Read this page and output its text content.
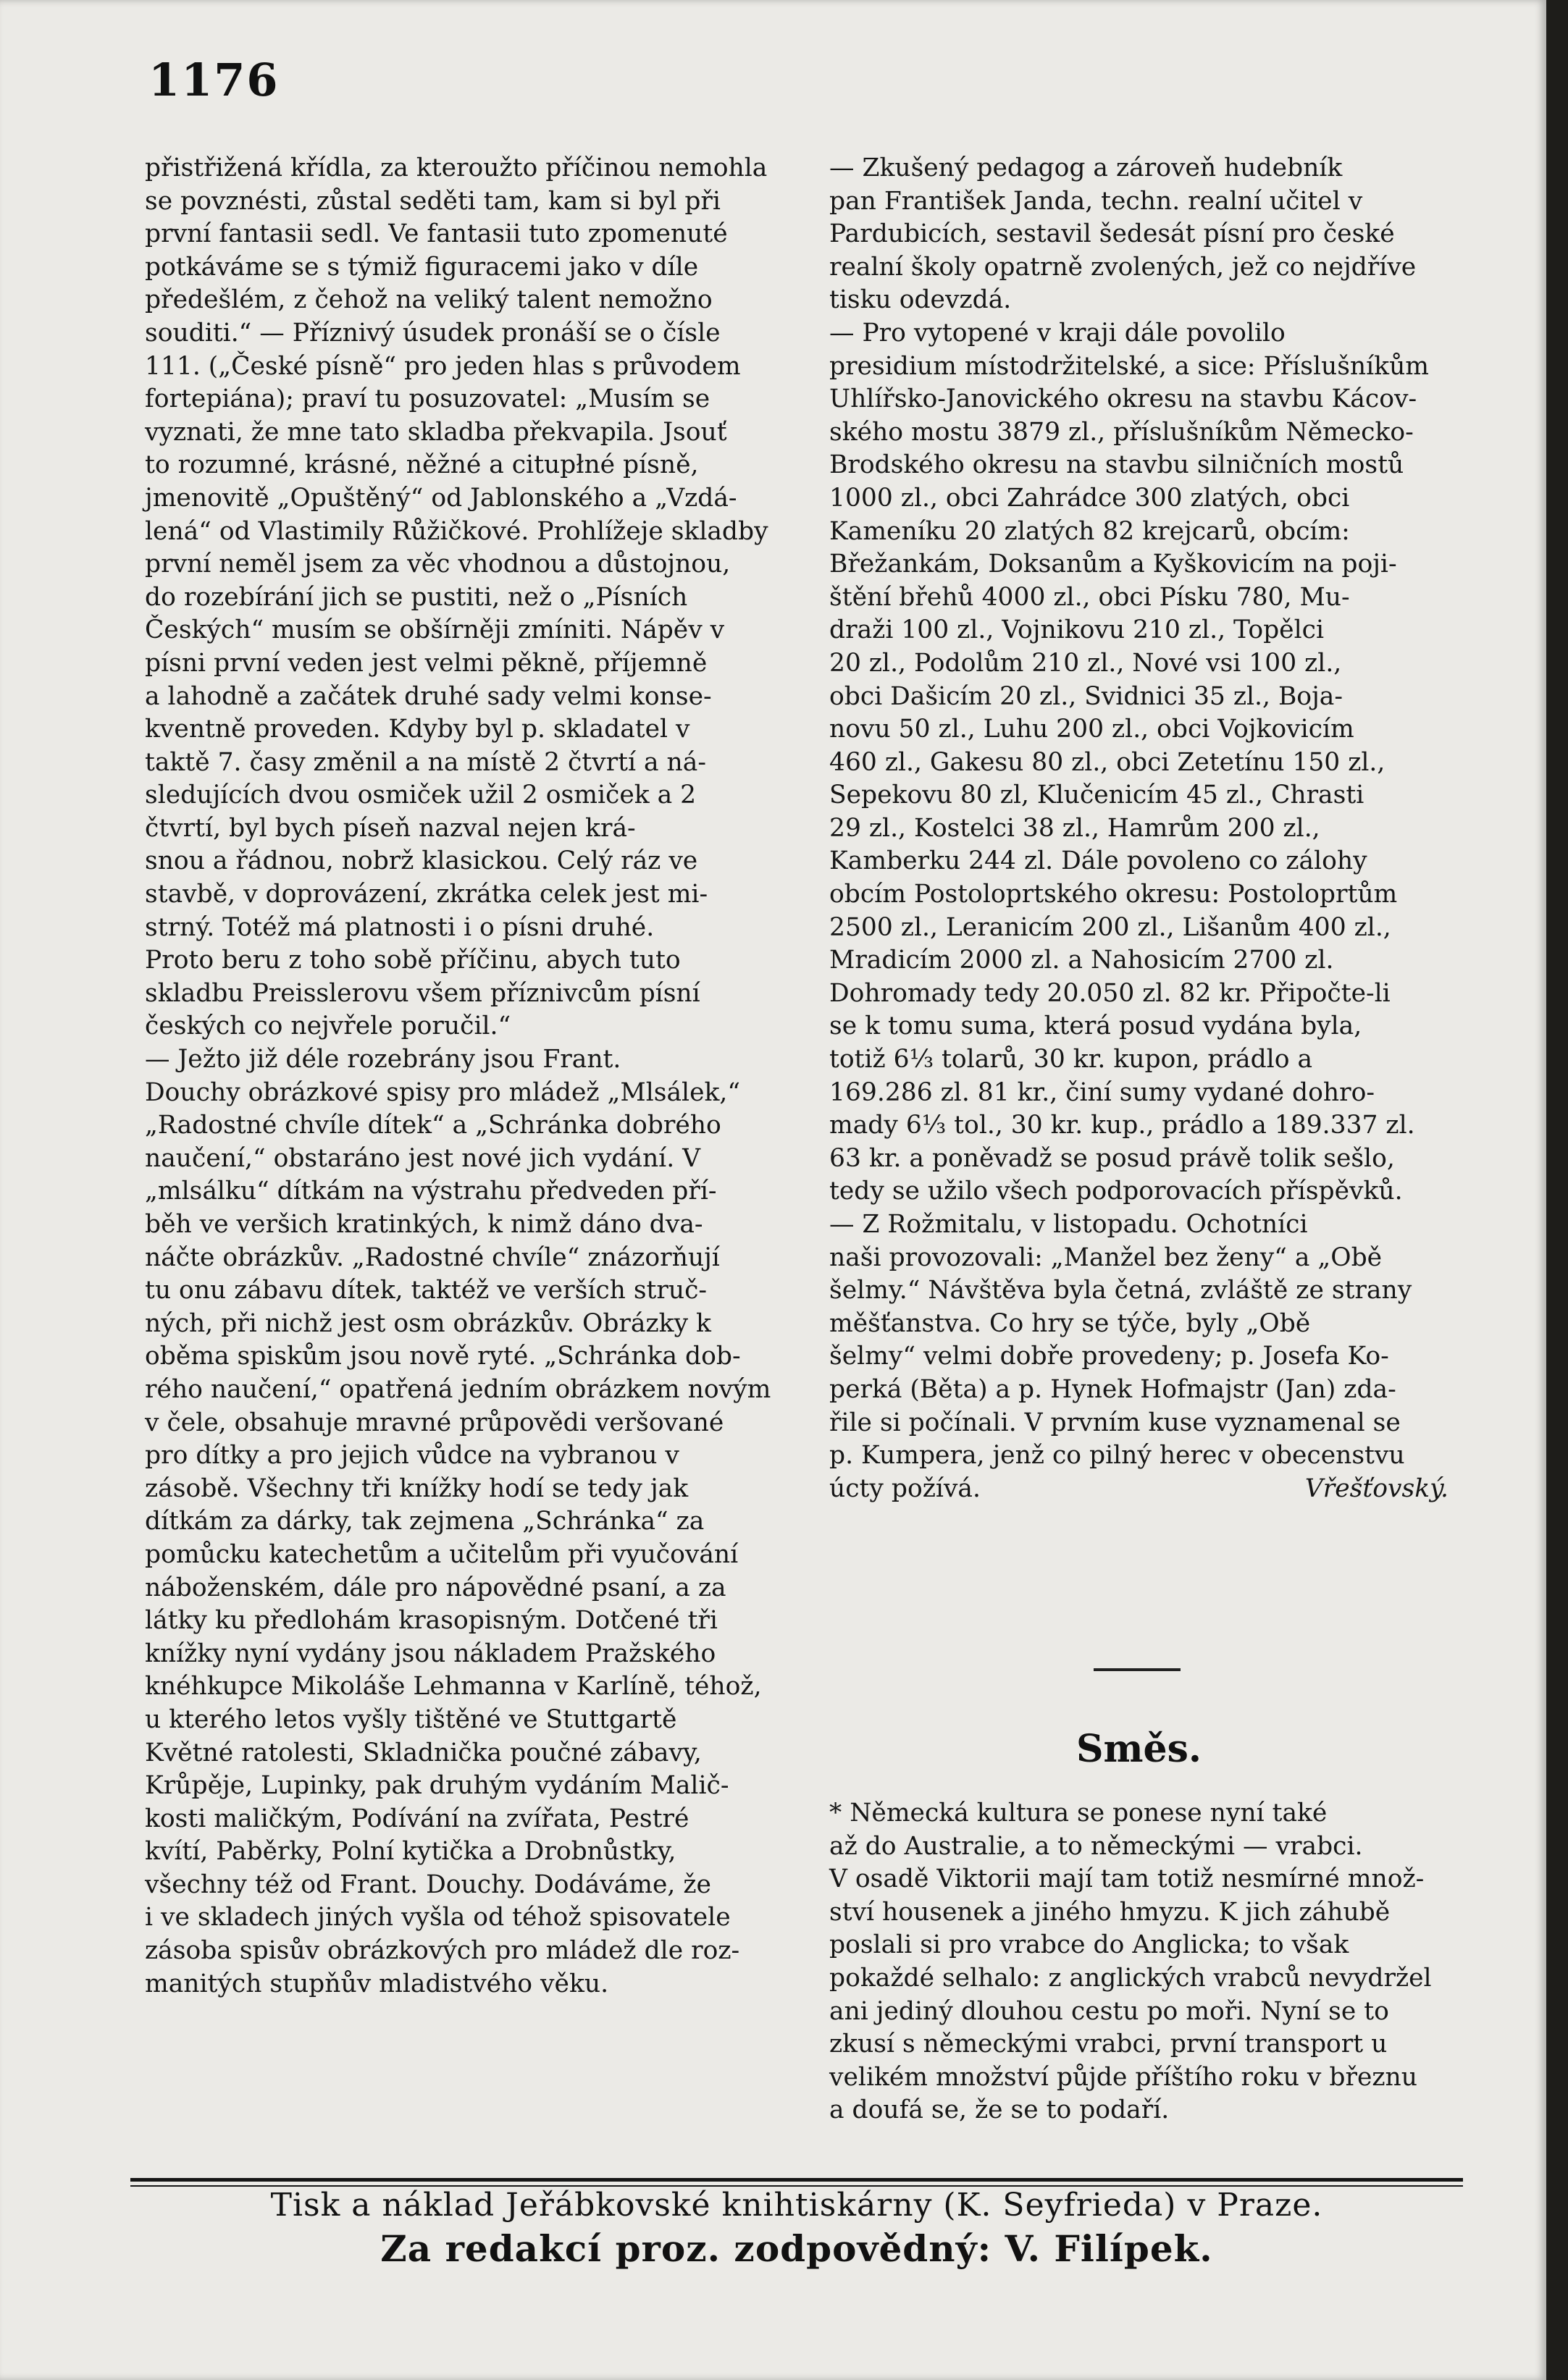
1176
přistřižená křídla, za kteroužto příčinou nemohla
se povznésti, zůstal seděti tam, kam si byl při
první fantasii sedl. Ve fantasii tuto zpomenuté
potkáváme se s týmiž figuracemi jako v díle
předešlém, z čehož na veliký talent nemožno
souditi.“ — Příznivý úsudek pronáší se o čísle
111. („České písně“ pro jeden hlas s průvodem
fortepiána); praví tu posuzovatel: „Musím se
vyznati, že mne tato skladba překvapila. Jsouť
to rozumné, krásné, něžné a citupłné písně,
jmenovitě „Opuštěný“ od Jablonského a „Vzdá-
lená“ od Vlastimily Růžičkové. Prohlížeje skladby
první neměl jsem za věc vhodnou a důstojnou,
do rozebírání jich se pustiti, než o „Písních
Českých“ musím se obšírněji zmíniti. Nápěv v
písni první veden jest velmi pěkně, příjemně
a lahodně a začátek druhé sady velmi konse-
kventně proveden. Kdyby byl p. skladatel v
taktě 7. časy změnil a na místě 2 čtvrtí a ná-
sledujících dvou osmiček užil 2 osmiček a 2
čtvrtí, byl bych píseň nazval nejen krá-
snou a řádnou, nobrž klasickou. Celý ráz ve
stavbě, v doprovázení, zkrátka celek jest mi-
strný. Totéž má platnosti i o písni druhé.
Proto beru z toho sobě příčinu, abych tuto
skladbu Preisslerovu všem příznivcům písní
českých co nejvřele poručil.“
— Ježto již déle rozebrány jsou Frant.
Douchy obrázkové spisy pro mládež „Mlsálek,“
„Radostné chvíle dítek“ a „Schránka dobrého
naučení,“ obstaráno jest nové jich vydání. V
„mlsálku“ dítkám na výstrahu předveden pří-
běh ve veršich kratinkých, k nimž dáno dva-
náčte obrázkův. „Radostné chvíle“ znázorňují
tu onu zábavu dítek, taktéž ve verších struč-
ných, při nichž jest osm obrázkův. Obrázky k
oběma spiskům jsou nově ryté. „Schránka dob-
rého naučení,“ opatřená jedním obrázkem novým
v čele, obsahuje mravné průpovědi veršované
pro dítky a pro jejich vůdce na vybranou v
zásobě. Všechny tři knížky hodí se tedy jak
dítkám za dárky, tak zejmena „Schránka“ za
pomůcku katechetům a učitelům při vyučování
náboženském, dále pro nápovědné psaní, a za
látky ku předlohám krasopisným. Dotčené tři
knížky nyní vydány jsou nákladem Pražského
knéhkupce Mikoláše Lehmanna v Karlíně, téhož,
u kterého letos vyšly tištěné ve Stuttgartě
Květné ratolesti, Skladnička poučné zábavy,
Krůpěje, Lupinky, pak druhým vydáním Malič-
kosti maličkým, Podívání na zvířata, Pestré
kvítí, Paběrky, Polní kytička a Drobnůstky,
všechny též od Frant. Douchy. Dodáváme, že
i ve skladech jiných vyšla od téhož spisovatele
zásoba spisův obrázkových pro mládež dle roz-
manitých stupňův mladistvého věku.
— Zkušený pedagog a zároveň hudebník
pan František Janda, techn. realní učitel v
Pardubicích, sestavil šedesát písní pro české
realní školy opatrně zvolených, jež co nejdříve
tisku odevzdá.
— Pro vytopené v kraji dále povolilo
presidium místodržitelské, a sice: Příslušníkům
Uhlířsko-Janovického okresu na stavbu Kácov-
ského mostu 3879 zl., příslušníkům Německo-
Brodského okresu na stavbu silničních mostů
1000 zl., obci Zahrádce 300 zlatých, obci
Kameníku 20 zlatých 82 krejcarů, obcím:
Břežankám, Doksanům a Kyškovicím na poji-
štění břehů 4000 zl., obci Písku 780, Mu-
draži 100 zl., Vojnikovu 210 zl., Topělci
20 zl., Podolům 210 zl., Nové vsi 100 zl.,
obci Dašicím 20 zl., Svidnici 35 zl., Boja-
novu 50 zl., Luhu 200 zl., obci Vojkovicím
460 zl., Gakesu 80 zl., obci Zetetínu 150 zl.,
Sepekovu 80 zl, Klučenicím 45 zl., Chrasti
29 zl., Kostelci 38 zl., Hamrům 200 zl.,
Kamberku 244 zl. Dále povoleno co zálohy
obcím Postoloprtského okresu: Postoloprtům
2500 zl., Leranicím 200 zl., Lišanům 400 zl.,
Mradicím 2000 zl. a Nahosicím 2700 zl.
Dohromady tedy 20.050 zl. 82 kr. Připočte-li
se k tomu suma, která posud vydána byla,
totiž 6⅓ tolarů, 30 kr. kupon, prádlo a
169.286 zl. 81 kr., činí sumy vydané dohro-
mady 6⅓ tol., 30 kr. kup., prádlo a 189.337 zl.
63 kr. a poněvadž se posud právě tolik sešlo,
tedy se užilo všech podporovacích příspěvků.
— Z Rožmitalu, v listopadu. Ochotníci
naši provozovali: „Manžel bez ženy“ a „Obě
šelmy.“ Návštěva byla četná, zvláště ze strany
měšťanstva. Co hry se týče, byly „Obě
šelmy“ velmi dobře provedeny; p. Josefa Ko-
perká (Běta) a p. Hynek Hofmajstr (Jan) zda-
řile si počínali. V prvním kuse vyznamenal se
p. Kumpera, jenž co pilný herec v obecenstvu
úcty požívá.	Vřešťovský.
Směs.
* Německá kultura se ponese nyní také
až do Australie, a to německými — vrabci.
V osadě Viktorii mají tam totiž nesmírné množ-
ství housenek a jiného hmyzu. K jich záhubě
poslali si pro vrabce do Anglicka; to však
pokaždé selhalo: z anglických vrabců nevydržel
ani jediný dlouhou cestu po moři. Nyní se to
zkusí s německými vrabci, první transport u
velikém množství půjde příštího roku v březnu
a doufá se, že se to podaří.
Tisk a náklad Jeřábkovské knihtiskárny (K. Seyfrieda) v Praze.
Za redakcí proz. zodpovědný: V. Filípek.
